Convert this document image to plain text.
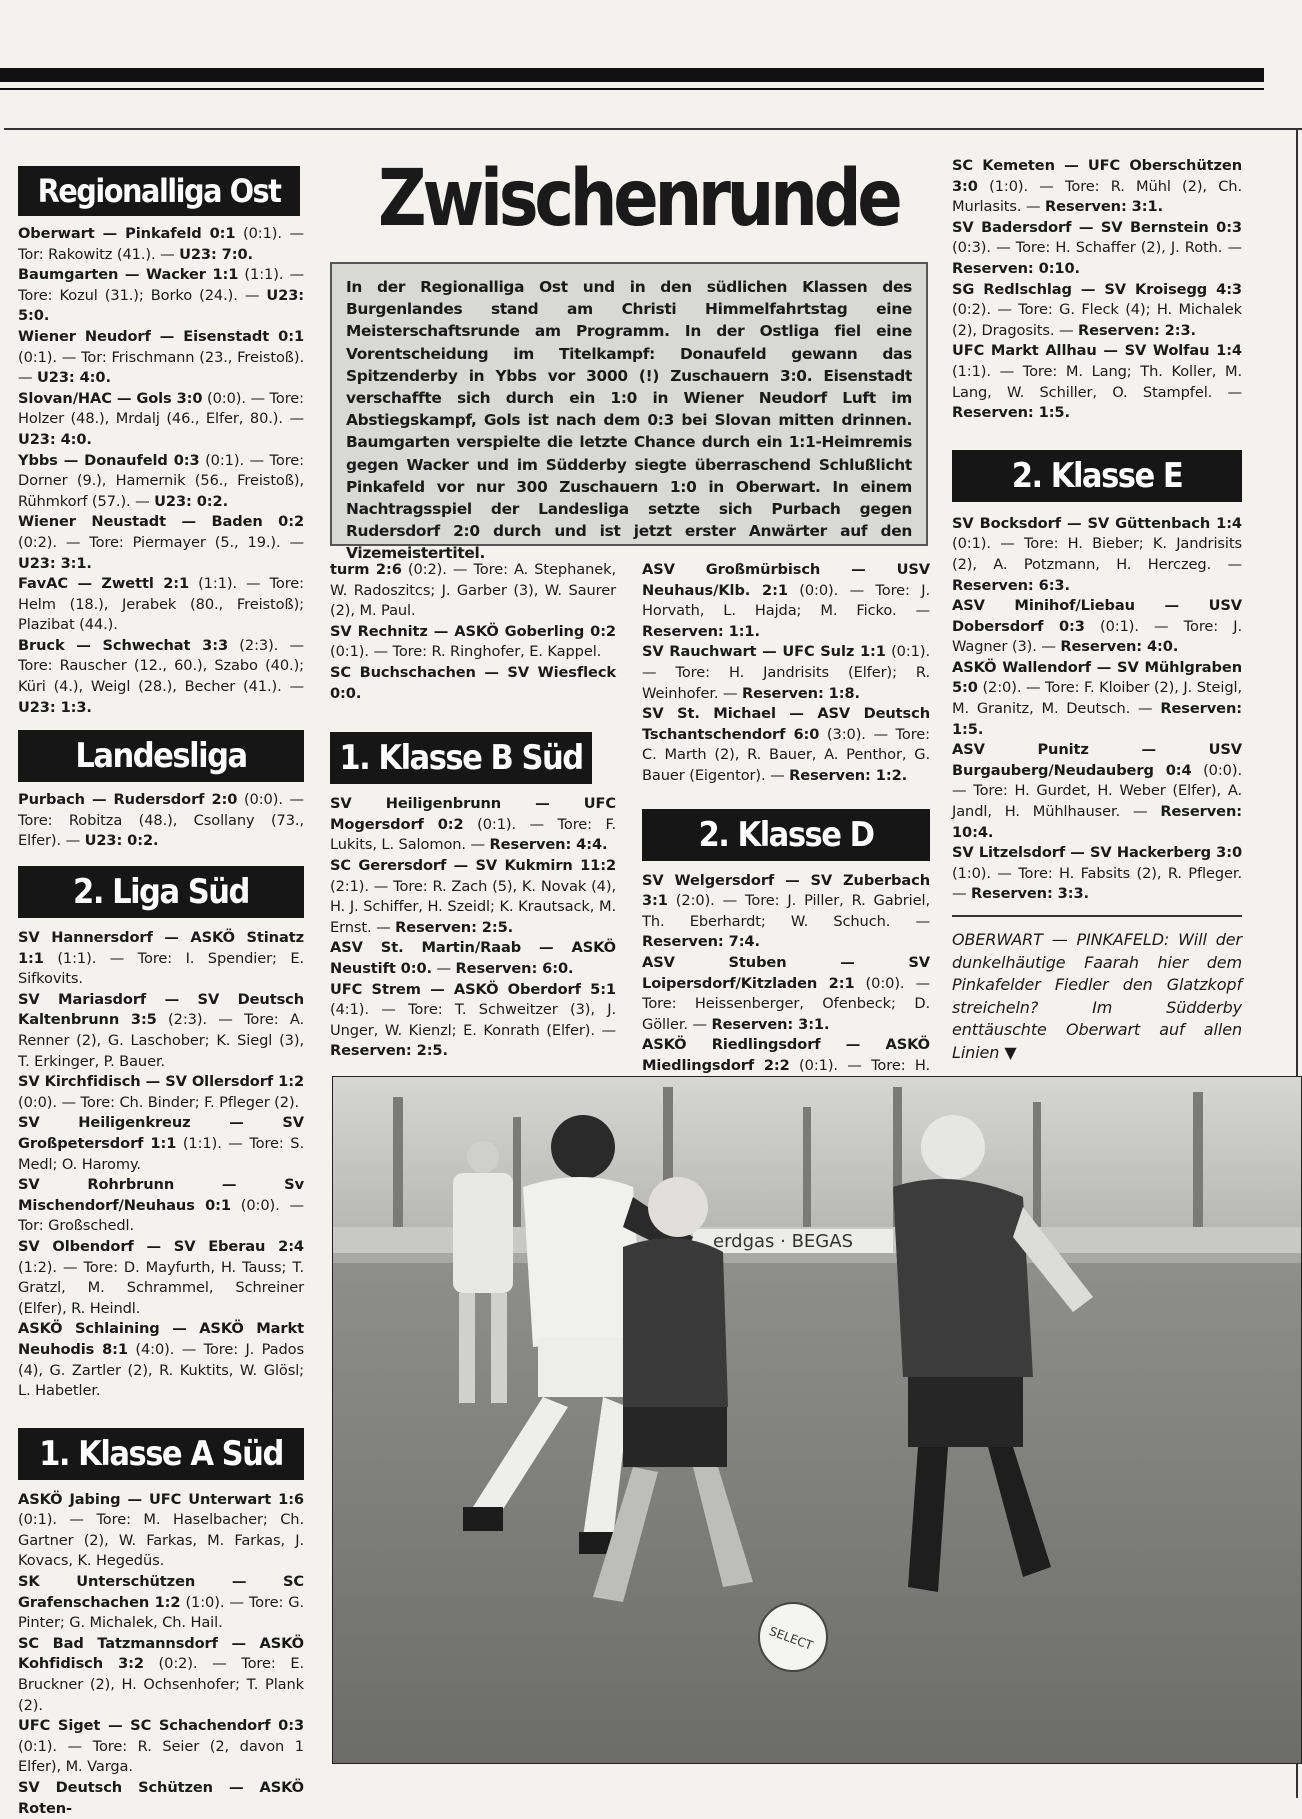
Regionalliga Ost

Oberwart — Pinkafeld 0:1 (0:1). — Tor: Rakowitz (41.). — U23: 7:0.

Baumgarten — Wacker 1:1 (1:1). — Tore: Kozul (31.); Borko (24.). — U23: 5:0.

Wiener Neudorf — Eisenstadt 0:1 (0:1). — Tor: Frischmann (23., Freistoß). — U23: 4:0.

Slovan/HAC — Gols 3:0 (0:0). — Tore: Holzer (48.), Mrdalj (46., Elfer, 80.). — U23: 4:0.

Ybbs — Donaufeld 0:3 (0:1). — Tore: Dorner (9.), Hamernik (56., Freistoß), Rühmkorf (57.). — U23: 0:2.

Wiener Neustadt — Baden 0:2 (0:2). — Tore: Piermayer (5., 19.). — U23: 3:1.

FavAC — Zwettl 2:1 (1:1). — Tore: Helm (18.), Jerabek (80., Freistoß); Plazibat (44.).

Bruck — Schwechat 3:3 (2:3). — Tore: Rauscher (12., 60.), Szabo (40.); Küri (4.), Weigl (28.), Becher (41.). — U23: 1:3.

Landesliga

Purbach — Rudersdorf 2:0 (0:0). — Tore: Robitza (48.), Csollany (73., Elfer). — U23: 0:2.

2. Liga Süd

SV Hannersdorf — ASKÖ Stinatz 1:1 (1:1). — Tore: I. Spendier; E. Sifkovits.

SV Mariasdorf — SV Deutsch Kaltenbrunn 3:5 (2:3). — Tore: A. Renner (2), G. Laschober; K. Siegl (3), T. Erkinger, P. Bauer.

SV Kirchfidisch — SV Ollersdorf 1:2 (0:0). — Tore: Ch. Binder; F. Pfleger (2).

SV Heiligenkreuz — SV Großpetersdorf 1:1 (1:1). — Tore: S. Medl; O. Haromy.

SV Rohrbrunn — Sv Mischendorf/Neuhaus 0:1 (0:0). — Tor: Großschedl.

SV Olbendorf — SV Eberau 2:4 (1:2). — Tore: D. Mayfurth, H. Tauss; T. Gratzl, M. Schrammel, Schreiner (Elfer), R. Heindl.

ASKÖ Schlaining — ASKÖ Markt Neuhodis 8:1 (4:0). — Tore: J. Pados (4), G. Zartler (2), R. Kuktits, W. Glösl; L. Habetler.

1. Klasse A Süd

ASKÖ Jabing — UFC Unterwart 1:6 (0:1). — Tore: M. Haselbacher; Ch. Gartner (2), W. Farkas, M. Farkas, J. Kovacs, K. Hegedüs.

SK Unterschützen — SC Grafenschachen 1:2 (1:0). — Tore: G. Pinter; G. Michalek, Ch. Hail.

SC Bad Tatzmannsdorf — ASKÖ Kohfidisch 3:2 (0:2). — Tore: E. Bruckner (2), H. Ochsenhofer; T. Plank (2).

UFC Siget — SC Schachendorf 0:3 (0:1). — Tore: R. Seier (2, davon 1 Elfer), M. Varga.

SV Deutsch Schützen — ASKÖ Roten-

Zwischenrunde
In der Regionalliga Ost und in den südlichen Klassen des Burgenlandes stand am Christi Himmelfahrtstag eine Meisterschaftsrunde am Programm. In der Ostliga fiel eine Vorentscheidung im Titelkampf: Donaufeld gewann das Spitzenderby in Ybbs vor 3000 (!) Zuschauern 3:0. Eisenstadt verschaffte sich durch ein 1:0 in Wiener Neudorf Luft im Abstiegskampf, Gols ist nach dem 0:3 bei Slovan mitten drinnen. Baumgarten verspielte die letzte Chance durch ein 1:1-Heimremis gegen Wacker und im Südderby siegte überraschend Schlußlicht Pinkafeld vor nur 300 Zuschauern 1:0 in Oberwart. In einem Nachtragsspiel der Landesliga setzte sich Purbach gegen Rudersdorf 2:0 durch und ist jetzt erster Anwärter auf den Vizemeistertitel.

turm 2:6 (0:2). — Tore: A. Stephanek, W. Radoszitcs; J. Garber (3), W. Saurer (2), M. Paul.

SV Rechnitz — ASKÖ Goberling 0:2 (0:1). — Tore: R. Ringhofer, E. Kappel.

SC Buchschachen — SV Wiesfleck 0:0.

1. Klasse B Süd

SV Heiligenbrunn — UFC Mogersdorf 0:2 (0:1). — Tore: F. Lukits, L. Salomon. — Reserven: 4:4.

SC Gerersdorf — SV Kukmirn 11:2 (2:1). — Tore: R. Zach (5), K. Novak (4), H. J. Schiffer, H. Szeidl; K. Krautsack, M. Ernst. — Reserven: 2:5.

ASV St. Martin/Raab — ASKÖ Neustift 0:0. — Reserven: 6:0.

UFC Strem — ASKÖ Oberdorf 5:1 (4:1). — Tore: T. Schweitzer (3), J. Unger, W. Kienzl; E. Konrath (Elfer). — Reserven: 2:5.

ASV Großmürbisch — USV Neuhaus/Klb. 2:1 (0:0). — Tore: J. Horvath, L. Hajda; M. Ficko. — Reserven: 1:1.

SV Rauchwart — UFC Sulz 1:1 (0:1). — Tore: H. Jandrisits (Elfer); R. Weinhofer. — Reserven: 1:8.

SV St. Michael — ASV Deutsch Tschantschendorf 6:0 (3:0). — Tore: C. Marth (2), R. Bauer, A. Penthor, G. Bauer (Eigentor). — Reserven: 1:2.

2. Klasse D

SV Welgersdorf — SV Zuberbach 3:1 (2:0). — Tore: J. Piller, R. Gabriel, Th. Eberhardt; W. Schuch. — Reserven: 7:4.

ASV Stuben — SV Loipersdorf/Kitzladen 2:1 (0:0). — Tore: Heissenberger, Ofenbeck; D. Göller. — Reserven: 3:1.

ASKÖ Riedlingsdorf — ASKÖ Miedlingsdorf 2:2 (0:1). — Tore: H.

SC Kemeten — UFC Oberschützen 3:0 (1:0). — Tore: R. Mühl (2), Ch. Murlasits. — Reserven: 3:1.

SV Badersdorf — SV Bernstein 0:3 (0:3). — Tore: H. Schaffer (2), J. Roth. — Reserven: 0:10.

SG Redlschlag — SV Kroisegg 4:3 (0:2). — Tore: G. Fleck (4); H. Michalek (2), Dragosits. — Reserven: 2:3.

UFC Markt Allhau — SV Wolfau 1:4 (1:1). — Tore: M. Lang; Th. Koller, M. Lang, W. Schiller, O. Stampfel. — Reserven: 1:5.

2. Klasse E

SV Bocksdorf — SV Güttenbach 1:4 (0:1). — Tore: H. Bieber; K. Jandrisits (2), A. Potzmann, H. Herczeg. — Reserven: 6:3.

ASV Minihof/Liebau — USV Dobersdorf 0:3 (0:1). — Tore: J. Wagner (3). — Reserven: 4:0.

ASKÖ Wallendorf — SV Mühlgraben 5:0 (2:0). — Tore: F. Kloiber (2), J. Steigl, M. Granitz, M. Deutsch. — Reserven: 1:5.

ASV Punitz — USV Burgauberg/Neudauberg 0:4 (0:0). — Tore: H. Gurdet, H. Weber (Elfer), A. Jandl, H. Mühlhauser. — Reserven: 10:4.

SV Litzelsdorf — SV Hackerberg 3:0 (1:0). — Tore: H. Fabsits (2), R. Pfleger. — Reserven: 3:3.

OBERWART — PINKAFELD: Will der dunkelhäutige Faarah hier dem Pinkafelder Fiedler den Glatzkopf streicheln? Im Südderby enttäuschte Oberwart auf allen Linien ▼

erdgas · BEGAS
SELECT
